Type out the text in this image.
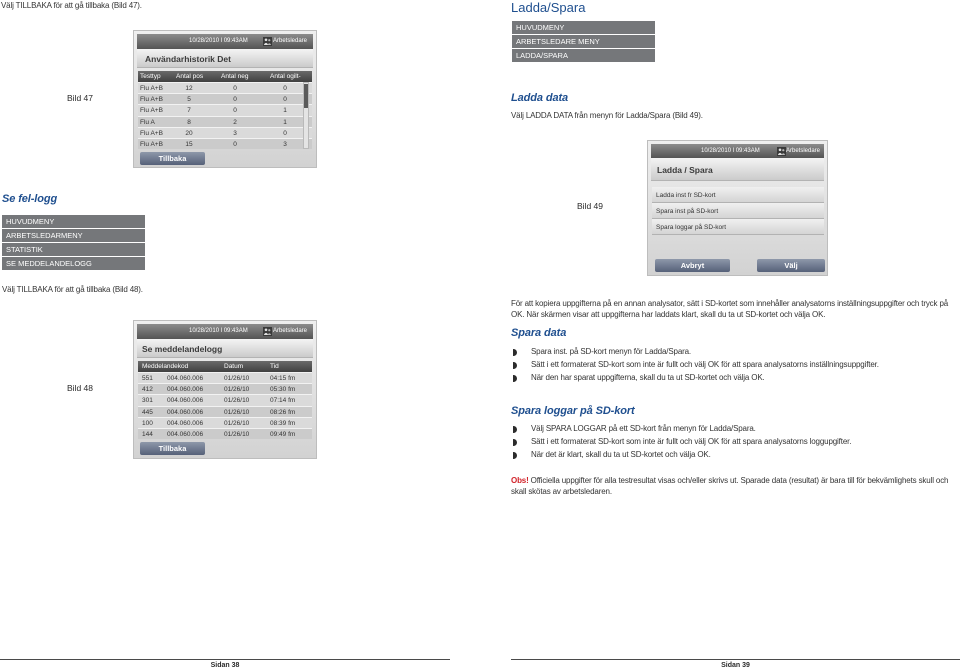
Välj TILLBAKA för att gå tillbaka (Bild 47).
Bild 47
10/28/2010 l 09:43AM	Arbetsledare
Användarhistorik Det
Testtyp Antal pos	Antal neg	Antal ogilt-
Flu A+B	12	0	0
Flu A+B	5	0	0
Flu A+B	7	0	1
Flu A	8	2	1
Flu A+B	20	3	0
Flu A+B	15	0	3
Tillbaka
Se fel-logg
HUVUDMENY
ARBETSLEDARMENY
STATISTIK
SE MEDDELANDELOGG
Välj TILLBAKA för att gå tillbaka (Bild 48).
Bild 48
10/28/2010 l 09:43AM	Arbetsledare
Se meddelandelogg
Meddelandekod	Datum	Tid
551 004.060.006	01/26/10	04:15 fm
412 004.060.006	01/26/10	05:30 fm
301 004.060.006	01/26/10	07:14 fm
445 004.060.006	01/26/10	08:26 fm
100 004.060.006	01/26/10	08:39 fm
144 004.060.006	01/26/10	09:49 fm
Tillbaka
Sidan 38
Ladda/Spara
HUVUDMENY
ARBETSLEDARE MENY
LADDA/SPARA
Ladda data
Välj LADDA DATA från menyn för Ladda/Spara (Bild 49).
Bild 49
10/28/2010 l 09:43AM	Arbetsledare
Ladda / Spara
Ladda inst fr SD-kort
Spara inst på SD-kort
Spara loggar på SD-kort
Avbryt	Välj
För att kopiera uppgifterna på en annan analysator, sätt i SD-kortet som innehåller analysatorns inställningsuppgifter och tryck på OK. När skärmen visar att uppgifterna har laddats klart, skall du ta ut SD-kortet och välja OK.
Spara data
Spara inst. på SD-kort menyn för Ladda/Spara.
Sätt i ett formaterat SD-kort som inte är fullt och välj OK för att spara analysatorns inställningsuppgifter.
När den har sparat uppgifterna, skall du ta ut SD-kortet och välja OK.
Spara loggar på SD-kort
Välj SPARA LOGGAR på ett SD-kort från menyn för Ladda/Spara.
Sätt i ett formaterat SD-kort som inte är fullt och välj OK för att spara analysatorns loggupgifter.
När det är klart, skall du ta ut SD-kortet och välja OK.
Obs! Officiella uppgifter för alla testresultat visas och/eller skrivs ut. Sparade data (resultat) är bara till för bekvämlighets skull och skall skötas av arbetsledaren.
Sidan 39
